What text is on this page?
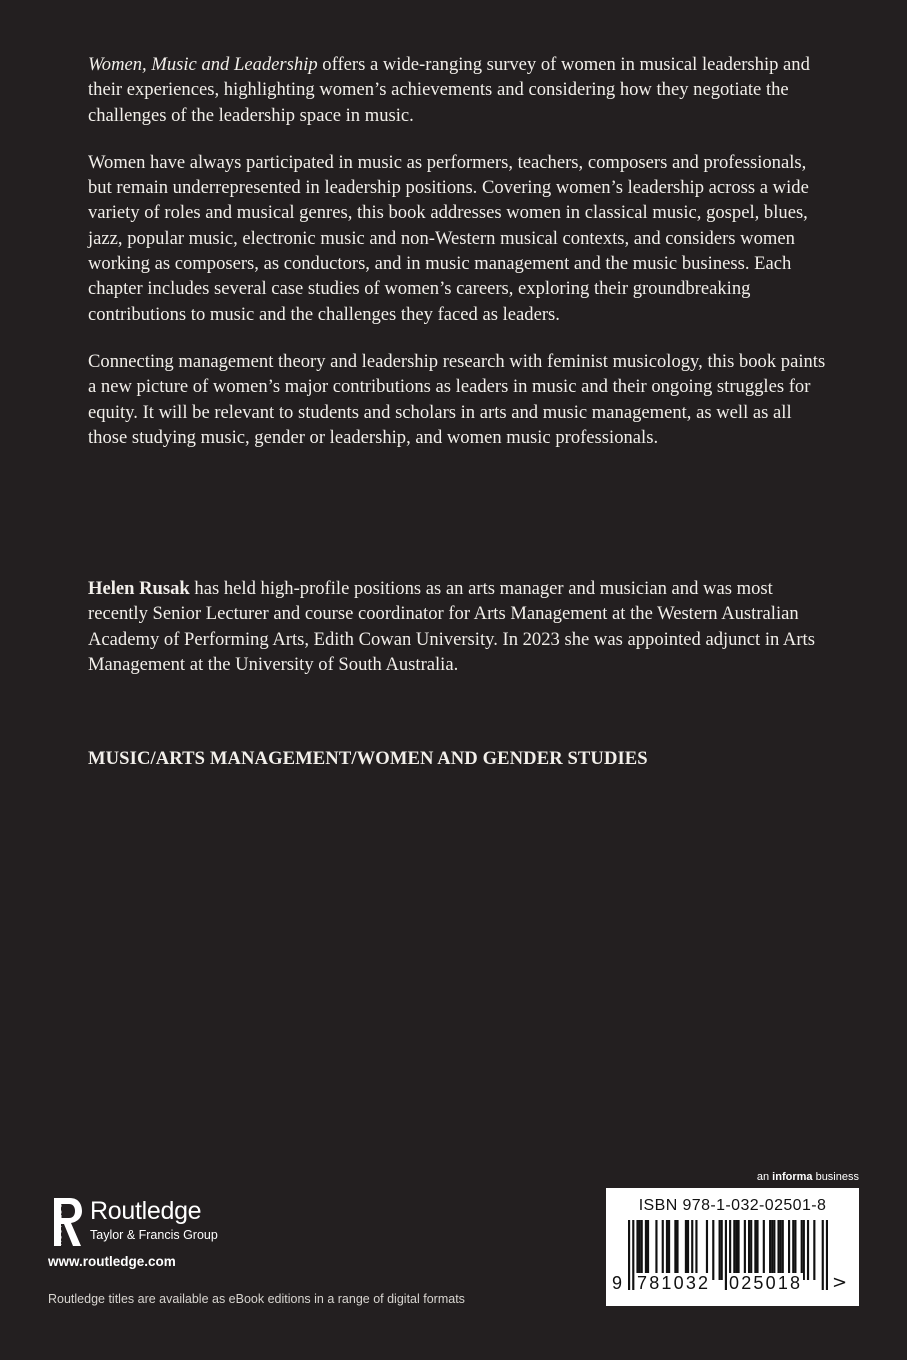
Women, Music and Leadership offers a wide-ranging survey of women in musical leadership and their experiences, highlighting women’s achievements and considering how they negotiate the challenges of the leadership space in music.

Women have always participated in music as performers, teachers, composers and professionals, but remain underrepresented in leadership positions. Covering women’s leadership across a wide variety of roles and musical genres, this book addresses women in classical music, gospel, blues, jazz, popular music, electronic music and non-Western musical contexts, and considers women working as composers, as conductors, and in music management and the music business. Each chapter includes several case studies of women’s careers, exploring their groundbreaking contributions to music and the challenges they faced as leaders.

Connecting management theory and leadership research with feminist musicology, this book paints a new picture of women’s major contributions as leaders in music and their ongoing struggles for equity. It will be relevant to students and scholars in arts and music management, as well as all those studying music, gender or leadership, and women music professionals.

Helen Rusak has held high-profile positions as an arts manager and musician and was most recently Senior Lecturer and course coordinator for Arts Management at the Western Australian Academy of Performing Arts, Edith Cowan University. In 2023 she was appointed adjunct in Arts Management at the University of South Australia.

MUSIC/ARTS MANAGEMENT/WOMEN AND GENDER STUDIES

ROUTLEDGE Routledge
Taylor & Francis Group
www.routledge.com
Routledge titles are available as eBook editions in a range of digital formats
an informa business
ISBN 978-1-032-02501-8
9 781032 025018 >
